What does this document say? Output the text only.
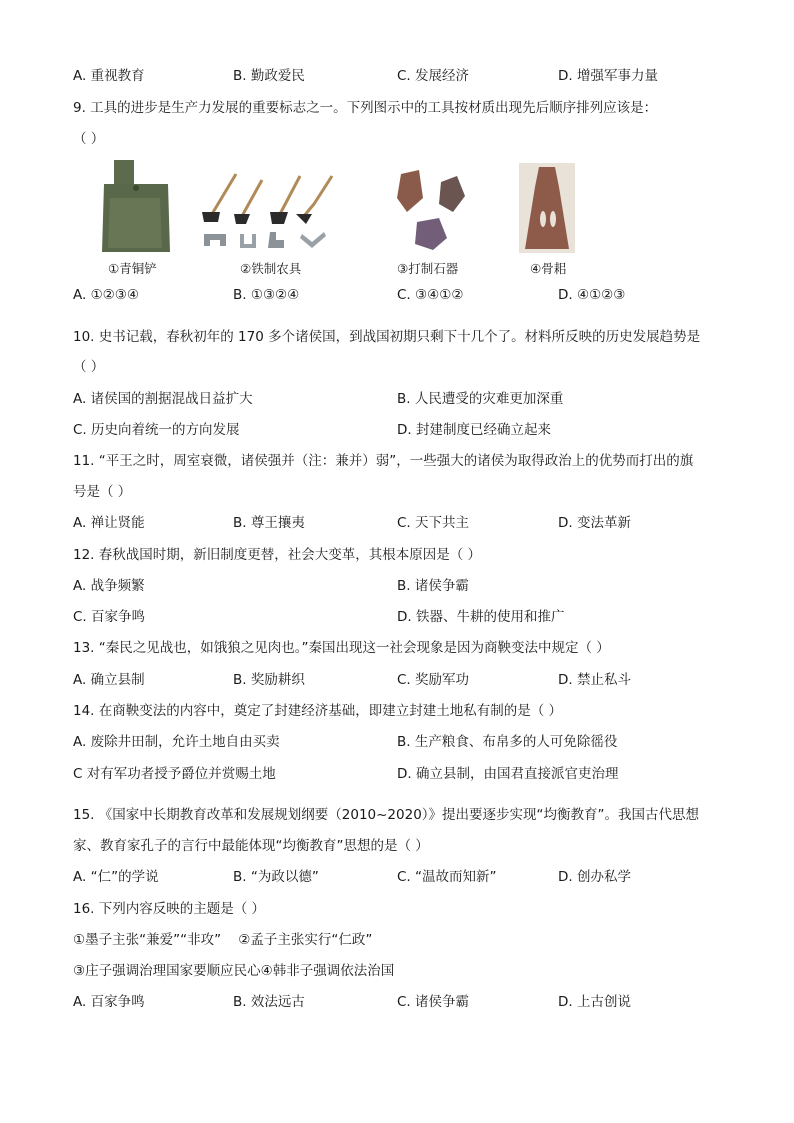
A. 重视教育	B. 勤政爱民	C. 发展经济	D. 增强军事力量
9. 工具的进步是生产力发展的重要标志之一。下列图示中的工具按材质出现先后顺序排列应该是：
（ ）
①青铜铲	②铁制农具	③打制石器	④骨耜
A. ①②③④	B. ①③②④	C. ③④①②	D. ④①②③
10. 史书记载，春秋初年的 170 多个诸侯国，到战国初期只剩下十几个了。材料所反映的历史发展趋势是
（ ）
A. 诸侯国的割据混战日益扩大	B. 人民遭受的灾难更加深重
C. 历史向着统一的方向发展	D. 封建制度已经确立起来
11. “平王之时，周室衰微，诸侯强并（注：兼并）弱”，一些强大的诸侯为取得政治上的优势而打出的旗
号是（ ）
A. 禅让贤能	B. 尊王攘夷	C. 天下共主	D. 变法革新
12. 春秋战国时期，新旧制度更替，社会大变革，其根本原因是（ ）
A. 战争频繁	B. 诸侯争霸
C. 百家争鸣	D. 铁器、牛耕的使用和推广
13. “秦民之见战也，如饿狼之见肉也。”秦国出现这一社会现象是因为商鞅变法中规定（ ）
A. 确立县制	B. 奖励耕织	C. 奖励军功	D. 禁止私斗
14. 在商鞅变法的内容中，奠定了封建经济基础，即建立封建土地私有制的是（ ）
A. 废除井田制，允许土地自由买卖	B. 生产粮食、布帛多的人可免除徭役
C 对有军功者授予爵位并赏赐土地	D. 确立县制，由国君直接派官吏治理
15. 《国家中长期教育改革和发展规划纲要（2010~2020）》提出要逐步实现“均衡教育”。我国古代思想
家、教育家孔子的言行中最能体现“均衡教育”思想的是（ ）
A. “仁”的学说	B. “为政以德”	C. “温故而知新”	D. 创办私学
16. 下列内容反映的主题是（ ）
①墨子主张“兼爱”“非攻”    ②孟子主张实行“仁政”
③庄子强调治理国家要顺应民心④韩非子强调依法治国
A. 百家争鸣	B. 效法远古	C. 诸侯争霸	D. 上古创说
